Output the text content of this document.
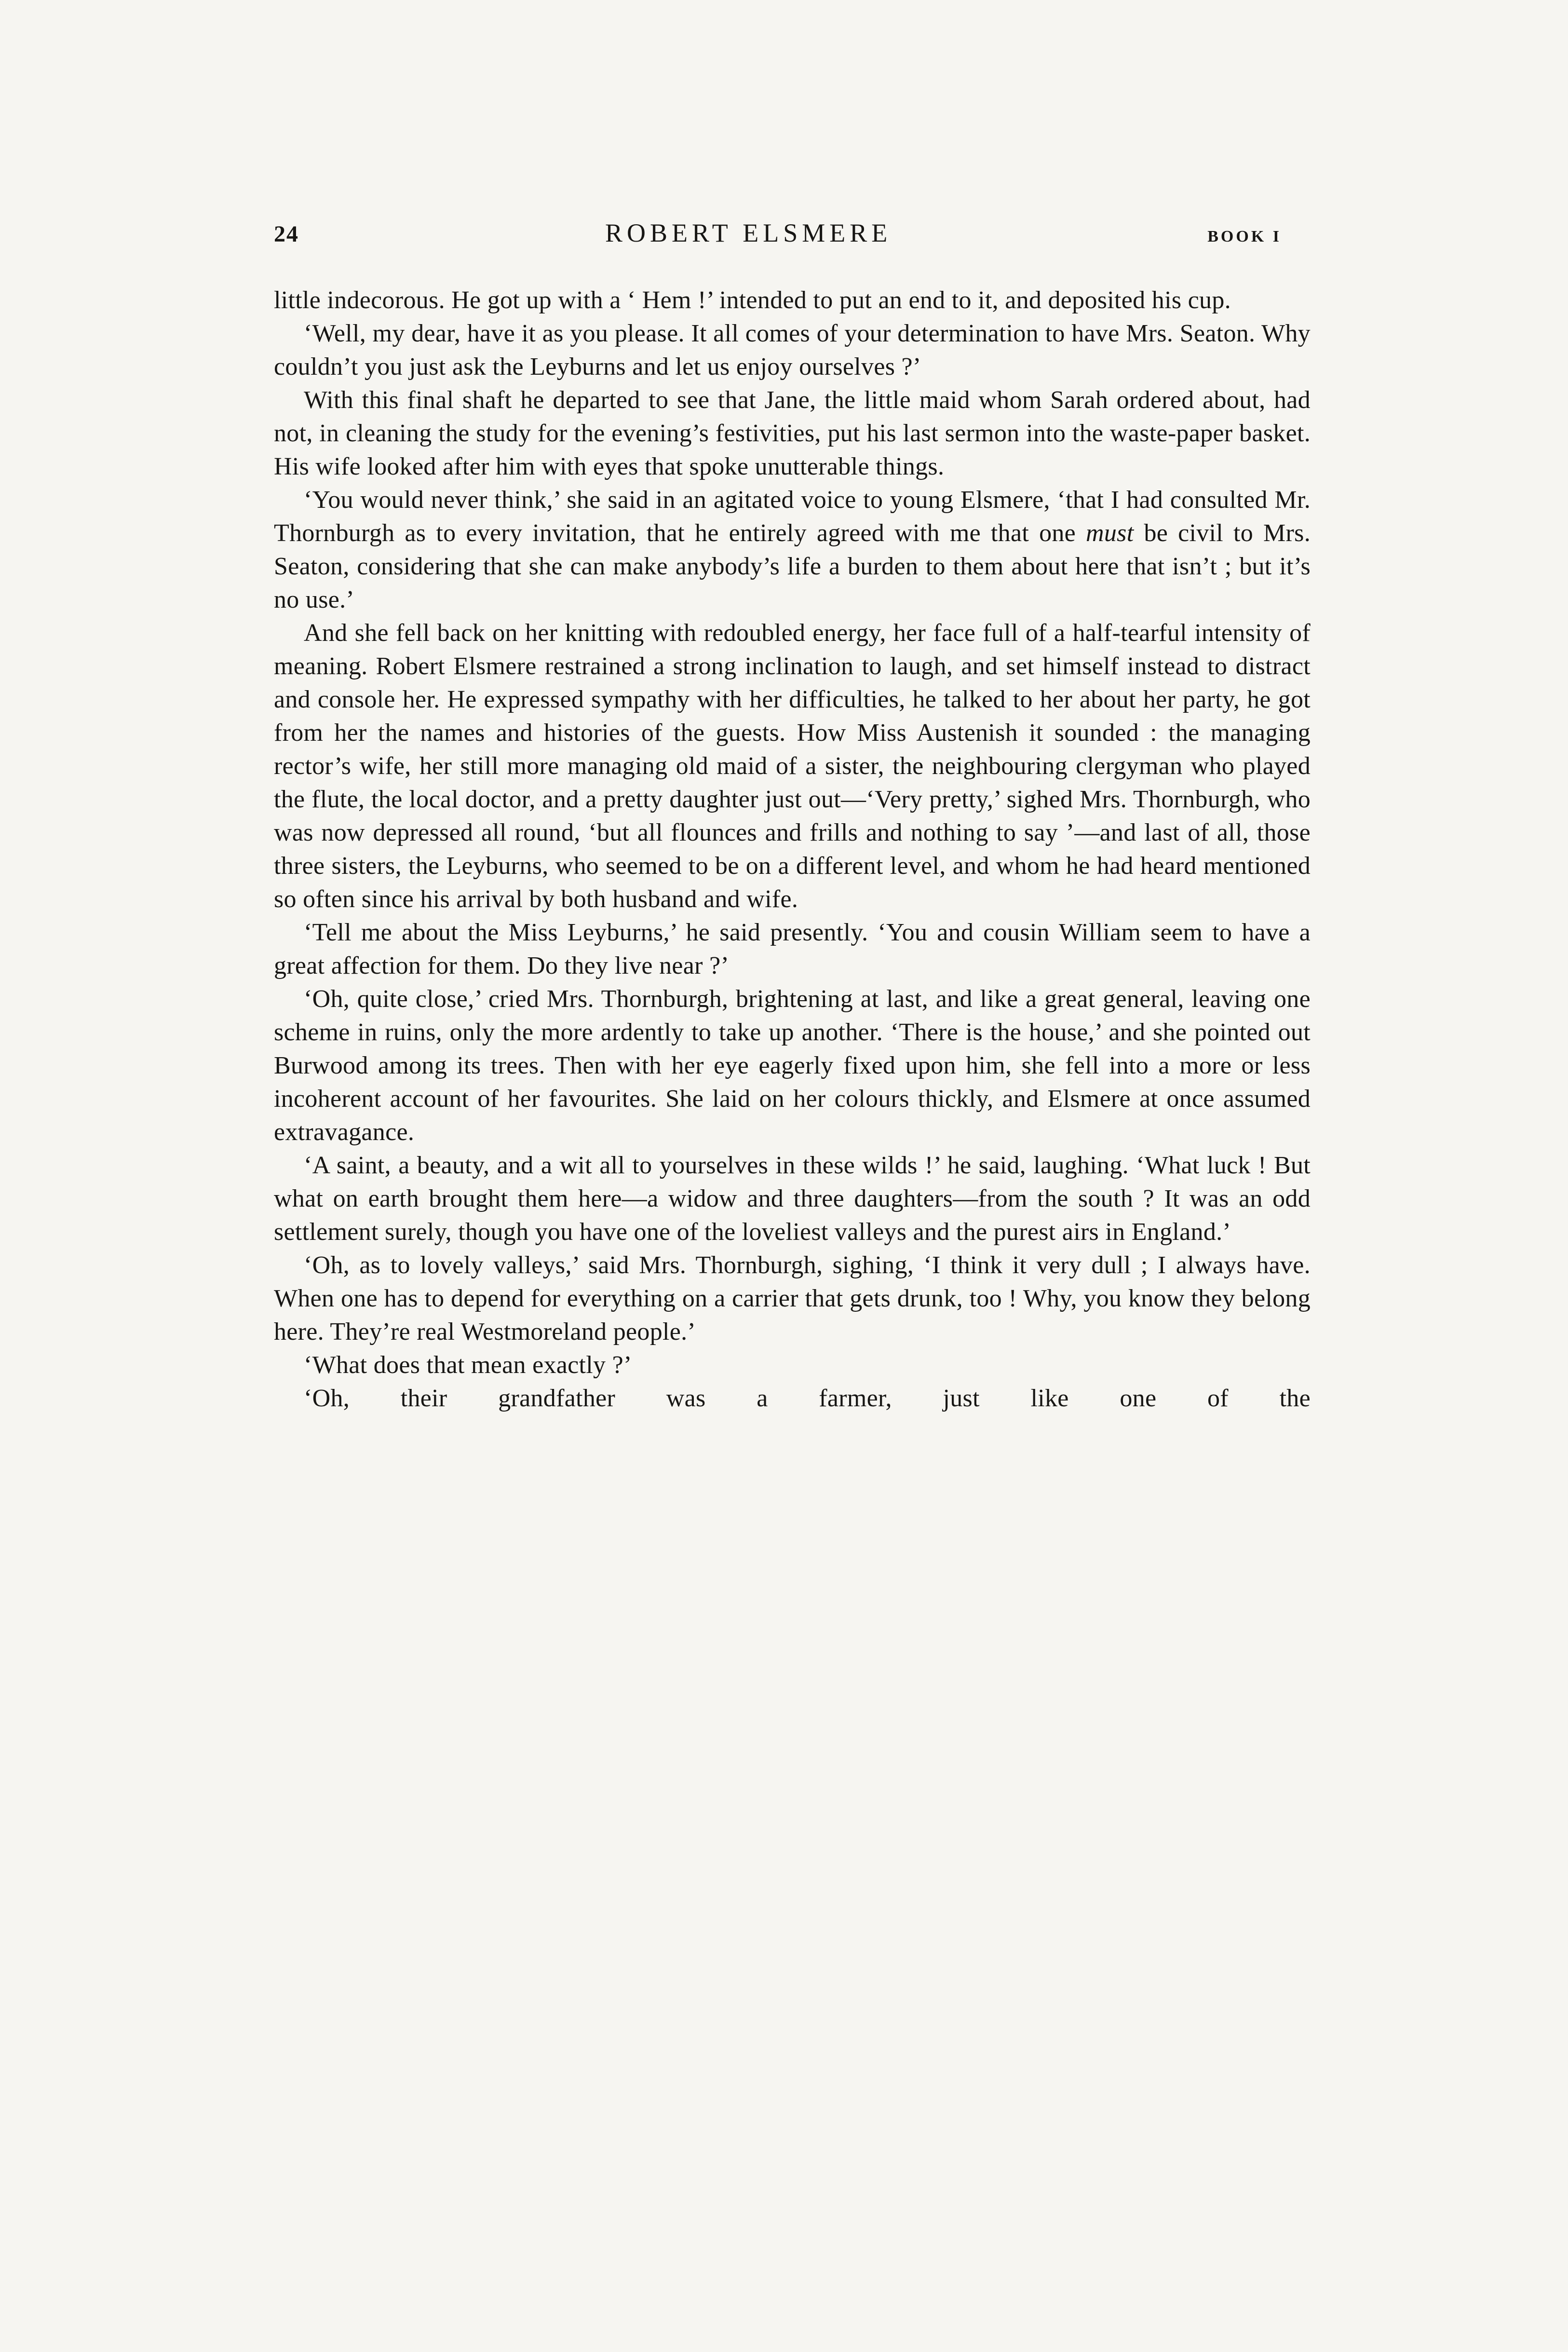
24	ROBERT ELSMERE	BOOK I

little indecorous. He got up with a ‘ Hem !’ intended to put an end to it, and deposited his cup.

‘Well, my dear, have it as you please. It all comes of your determination to have Mrs. Seaton. Why couldn’t you just ask the Leyburns and let us enjoy ourselves ?’

With this final shaft he departed to see that Jane, the little maid whom Sarah ordered about, had not, in cleaning the study for the evening’s festivities, put his last sermon into the waste-paper basket. His wife looked after him with eyes that spoke unutterable things.

‘You would never think,’ she said in an agitated voice to young Elsmere, ‘that I had consulted Mr. Thornburgh as to every invitation, that he entirely agreed with me that one must be civil to Mrs. Seaton, considering that she can make anybody’s life a burden to them about here that isn’t ; but it’s no use.’

And she fell back on her knitting with redoubled energy, her face full of a half-tearful intensity of meaning. Robert Elsmere restrained a strong inclination to laugh, and set himself instead to distract and console her. He expressed sympathy with her difficulties, he talked to her about her party, he got from her the names and histories of the guests. How Miss Austenish it sounded : the managing rector’s wife, her still more managing old maid of a sister, the neighbouring clergyman who played the flute, the local doctor, and a pretty daughter just out—‘Very pretty,’ sighed Mrs. Thornburgh, who was now depressed all round, ‘but all flounces and frills and nothing to say ’—and last of all, those three sisters, the Leyburns, who seemed to be on a different level, and whom he had heard mentioned so often since his arrival by both husband and wife.

‘Tell me about the Miss Leyburns,’ he said presently. ‘You and cousin William seem to have a great affection for them. Do they live near ?’

‘Oh, quite close,’ cried Mrs. Thornburgh, brightening at last, and like a great general, leaving one scheme in ruins, only the more ardently to take up another. ‘There is the house,’ and she pointed out Burwood among its trees. Then with her eye eagerly fixed upon him, she fell into a more or less incoherent account of her favourites. She laid on her colours thickly, and Elsmere at once assumed extravagance.

‘A saint, a beauty, and a wit all to yourselves in these wilds !’ he said, laughing. ‘What luck ! But what on earth brought them here—a widow and three daughters—from the south ? It was an odd settlement surely, though you have one of the loveliest valleys and the purest airs in England.’

‘Oh, as to lovely valleys,’ said Mrs. Thornburgh, sighing, ‘I think it very dull ; I always have. When one has to depend for everything on a carrier that gets drunk, too ! Why, you know they belong here. They’re real Westmoreland people.’

‘What does that mean exactly ?’

‘Oh, their grandfather was a farmer, just like one of the
